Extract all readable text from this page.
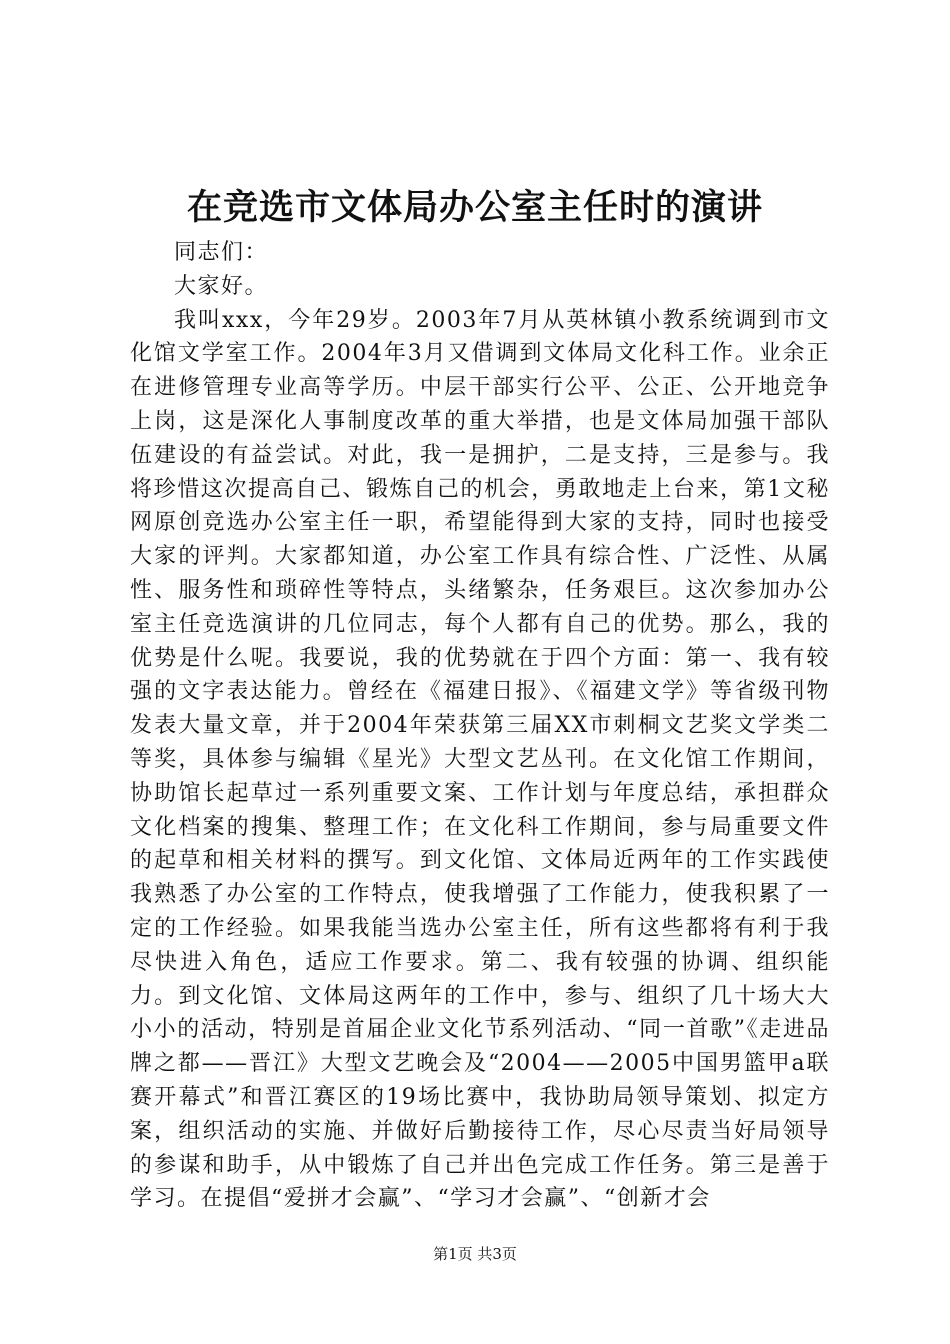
在竞选市文体局办公室主任时的演讲

同志们：

大家好。

我叫xxx，今年29岁。2003年7月从英林镇小教系统调到市文化馆文学室工作。2004年3月又借调到文体局文化科工作。业余正在进修管理专业高等学历。中层干部实行公平、公正、公开地竞争上岗，这是深化人事制度改革的重大举措，也是文体局加强干部队伍建设的有益尝试。对此，我一是拥护，二是支持，三是参与。我将珍惜这次提高自己、锻炼自己的机会，勇敢地走上台来，第1文秘网原创竞选办公室主任一职，希望能得到大家的支持，同时也接受大家的评判。大家都知道，办公室工作具有综合性、广泛性、从属性、服务性和琐碎性等特点，头绪繁杂，任务艰巨。这次参加办公室主任竞选演讲的几位同志，每个人都有自己的优势。那么，我的优势是什么呢。我要说，我的优势就在于四个方面：第一、我有较强的文字表达能力。曾经在《福建日报》、《福建文学》等省级刊物发表大量文章，并于2004年荣获第三届XX市刺桐文艺奖文学类二等奖，具体参与编辑《星光》大型文艺丛刊。在文化馆工作期间，协助馆长起草过一系列重要文案、工作计划与年度总结，承担群众文化档案的搜集、整理工作；在文化科工作期间，参与局重要文件的起草和相关材料的撰写。到文化馆、文体局近两年的工作实践使我熟悉了办公室的工作特点，使我增强了工作能力，使我积累了一定的工作经验。如果我能当选办公室主任，所有这些都将有利于我尽快进入角色，适应工作要求。第二、我有较强的协调、组织能力。到文化馆、文体局这两年的工作中，参与、组织了几十场大大小小的活动，特别是首届企业文化节系列活动、“同一首歌”《走进品牌之都——晋江》大型文艺晚会及“2004——2005中国男篮甲a联赛开幕式”和晋江赛区的19场比赛中，我协助局领导策划、拟定方案，组织活动的实施、并做好后勤接待工作，尽心尽责当好局领导的参谋和助手，从中锻炼了自己并出色完成工作任务。第三是善于学习。在提倡“爱拼才会赢”、“学习才会赢”、“创新才会

第1页 共3页
